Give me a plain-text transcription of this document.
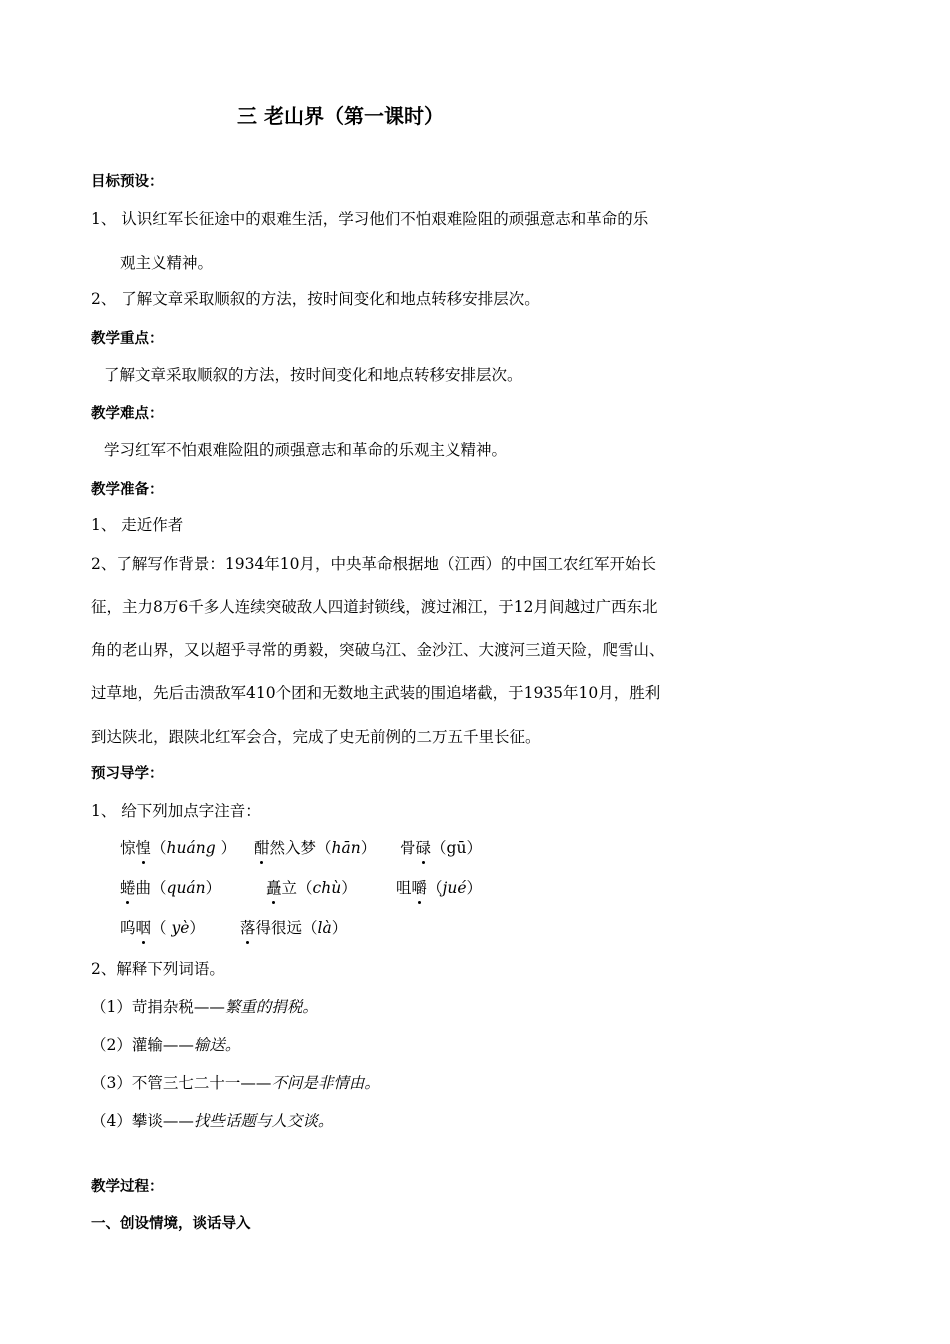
三 老山界（第一课时）
目标预设：
1、 认识红军长征途中的艰难生活，学习他们不怕艰难险阻的顽强意志和革命的乐
观主义精神。
2、 了解文章采取顺叙的方法，按时间变化和地点转移安排层次。
教学重点：
了解文章采取顺叙的方法，按时间变化和地点转移安排层次。
教学难点：
学习红军不怕艰难险阻的顽强意志和革命的乐观主义精神。
教学准备：
1、 走近作者
2、了解写作背景：1934年10月，中央革命根据地（江西）的中国工农红军开始长
征，主力8万6千多人连续突破敌人四道封锁线，渡过湘江，于12月间越过广西东北
角的老山界，又以超乎寻常的勇毅，突破乌江、金沙江、大渡河三道天险，爬雪山、
过草地，先后击溃敌军410个团和无数地主武装的围追堵截，于1935年10月，胜利
到达陕北，跟陕北红军会合，完成了史无前例的二万五千里长征。
预习导学：
1、 给下列加点字注音：
惊惶（huáng ） 酣然入梦（hān） 骨碌（gū）
蜷曲（quán）	矗立（chù）	咀嚼（jué）
呜咽（ yè） 落得很远（là）
2、解释下列词语。
（1）苛捐杂税——繁重的捐税。
（2）灌输——输送。
（3）不管三七二十一——不问是非情由。
（4）攀谈——找些话题与人交谈。
教学过程：
一、创设情境，谈话导入
